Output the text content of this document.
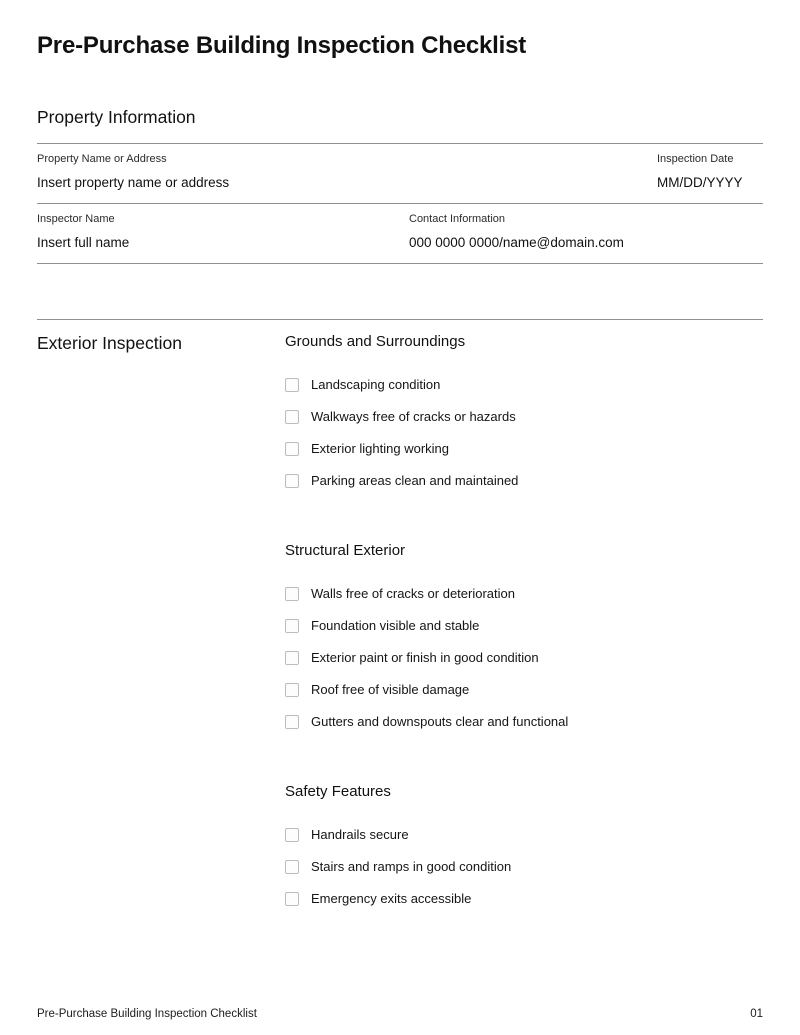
Pre-Purchase Building Inspection Checklist
Property Information
Property Name or Address
Insert property name or address
Inspection Date
MM/DD/YYYY
Inspector Name
Insert full name
Contact Information
000 0000 0000/name@domain.com
Exterior Inspection	Grounds and Surroundings
Landscaping condition
Walkways free of cracks or hazards
Exterior lighting working
Parking areas clean and maintained
Structural Exterior
Walls free of cracks or deterioration
Foundation visible and stable
Exterior paint or finish in good condition
Roof free of visible damage
Gutters and downspouts clear and functional
Safety Features
Handrails secure
Stairs and ramps in good condition
Emergency exits accessible
Pre-Purchase Building Inspection Checklist	01
